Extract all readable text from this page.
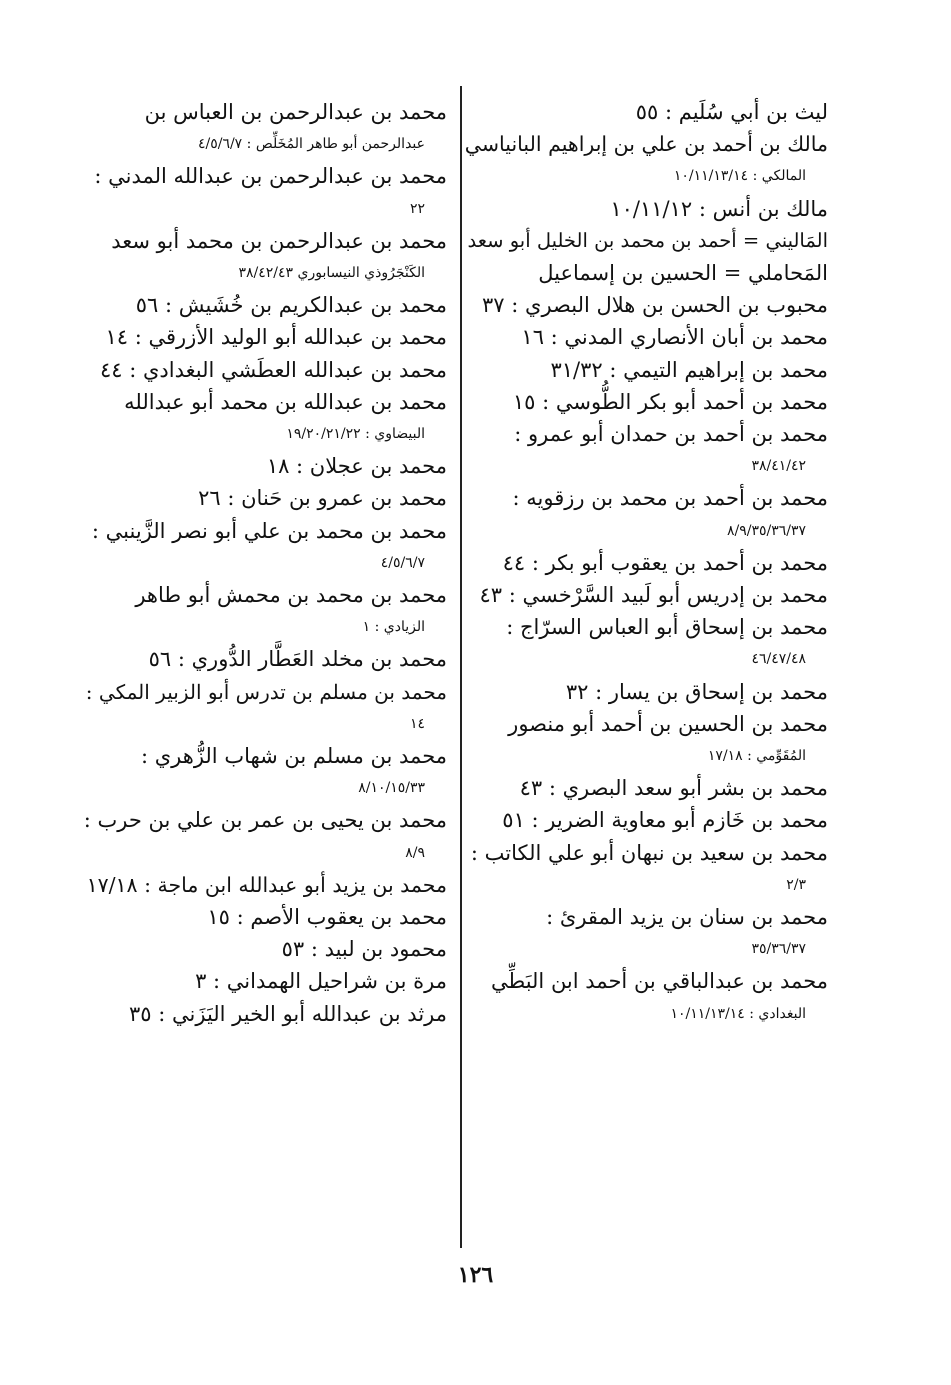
ليث بن أبي سُلَيم : ٥٥
مالك بن أحمد بن علي بن إبراهيم البانياسي
المالكي : ١٠/١١/١٣/١٤
مالك بن أنس : ١٠/١١/١٢
المَاليني = أحمد بن محمد بن الخليل أبو سعد
المَحاملي = الحسين بن إسماعيل
محبوب بن الحسن بن هلال البصري : ٣٧
محمد بن أبان الأنصاري المدني : ١٦
محمد بن إبراهيم التيمي : ٣١/٣٢
محمد بن أحمد أبو بكر الطُّوسي : ١٥
محمد بن أحمد بن حمدان أبو عمرو :
٣٨/٤١/٤٢
محمد بن أحمد بن محمد بن رزقويه :
٨/٩/٣٥/٣٦/٣٧
محمد بن أحمد بن يعقوب أبو بكر : ٤٤
محمد بن إدريس أبو لَبيد السَّرْخسي : ٤٣
محمد بن إسحاق أبو العباس السرّاج :
٤٦/٤٧/٤٨
محمد بن إسحاق بن يسار : ٣٢
محمد بن الحسين بن أحمد أبو منصور
المُقَوِّمي : ١٧/١٨
محمد بن بشر أبو سعد البصري : ٤٣
محمد بن خَازم أبو معاوية الضرير : ٥١
محمد بن سعيد بن نبهان أبو علي الكاتب :
٢/٣
محمد بن سنان بن يزيد المقرئ :
٣٥/٣٦/٣٧
محمد بن عبدالباقي بن أحمد ابن البَطِّي
البغدادي : ١٠/١١/١٣/١٤
محمد بن عبدالرحمن بن العباس بن
عبدالرحمن أبو طاهر المُخَلِّص : ٤/٥/٦/٧
محمد بن عبدالرحمن بن عبدالله المدني :
٢٢
محمد بن عبدالرحمن بن محمد أبو سعد
الكَنْجَرُوذي النيسابوري ٣٨/٤٢/٤٣
محمد بن عبدالكريم بن خُشَيش : ٥٦
محمد بن عبدالله أبو الوليد الأزرقي : ١٤
محمد بن عبدالله العطَشي البغدادي : ٤٤
محمد بن عبدالله بن محمد أبو عبدالله
البيضاوي : ١٩/٢٠/٢١/٢٢
محمد بن عجلان : ١٨
محمد بن عمرو بن حَنان : ٢٦
محمد بن محمد بن علي أبو نصر الزَّينبي :
٤/٥/٦/٧
محمد بن محمد بن محمش أبو طاهر
الزيادي : ١
محمد بن مخلد العَطَّار الدُّوري : ٥٦
محمد بن مسلم بن تدرس أبو الزبير المكي :
١٤
محمد بن مسلم بن شهاب الزُّهري :
٨/١٠/١٥/٣٣
محمد بن يحيى بن عمر بن علي بن حرب :
٨/٩
محمد بن يزيد أبو عبدالله ابن ماجة : ١٧/١٨
محمد بن يعقوب الأصم : ١٥
محمود بن لبيد : ٥٣
مرة بن شراحيل الهمداني : ٣
مرثد بن عبدالله أبو الخير اليَزَني : ٣٥
١٢٦
